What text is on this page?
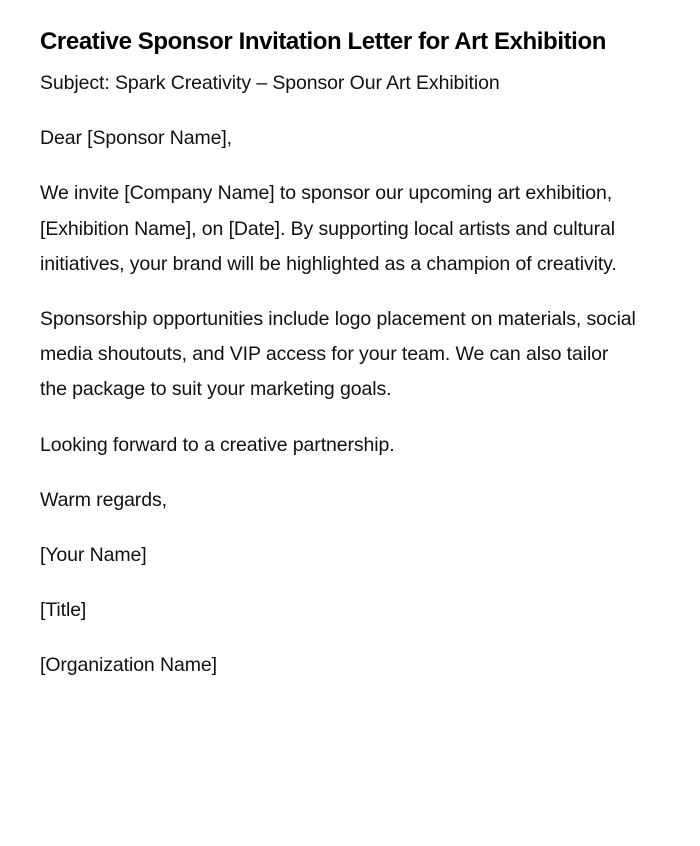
Creative Sponsor Invitation Letter for Art Exhibition

Subject: Spark Creativity – Sponsor Our Art Exhibition

Dear [Sponsor Name],

We invite [Company Name] to sponsor our upcoming art exhibition, [Exhibition Name], on [Date]. By supporting local artists and cultural initiatives, your brand will be highlighted as a champion of creativity.

Sponsorship opportunities include logo placement on materials, social media shoutouts, and VIP access for your team. We can also tailor the package to suit your marketing goals.

Looking forward to a creative partnership.

Warm regards,

[Your Name]

[Title]

[Organization Name]
